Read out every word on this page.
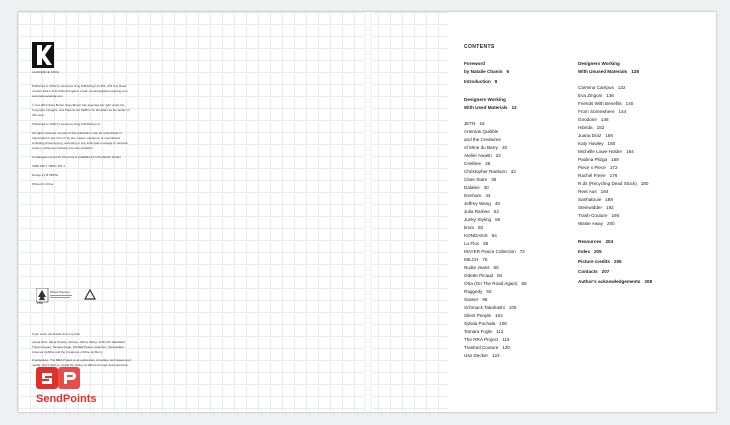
LAURENCE KING

Published in 2013 by Laurence King Publishing Ltd 361–373 City Road London EC1V 1LR United Kingdom email: enquiries@laurenceking.com www.laurenceking.com

© text 2013 Sass Brown Sass Brown has asserted her right under the Copyright, Designs, and Patents Act 1988 to be identified as the author of this work.

Published in 2013 by Laurence King Publishing Ltd

All rights reserved. No part of this publication may be reproduced or transmitted in any form or by any means, electronic or mechanical, including photocopying, recording or any information storage or retrieval system, without permission from the publisher.

A catalogue record for this book is available from the British Library

ISBN 978 1 78067 301 1

Design by B.SMITH

Printed in China

Mixed Sources
FSC

Front cover (clockwise from top left):

Juana Díaz, Silent People, Nöcola, Jeffrey Wang, Schmuck Takahashi, Trash-Couture, Tamara Fogle, MAYER Peace Collection, Steinwidder, Artemas Quibble and the Creatures of Mme du Barry

Frontispiece: The RRA Project is an exploration of textiles, techniques and media, which aims to reveal the history of fabrics through deconstruction.

SendPoints
CONTENTS
Foreword
by Natalie Chanin 6
Introduction 8
Designers Working
With Used Materials 12
JETN 16
Artemas Quibble
and the Creatures
of Mme du Barry 20
Atelier Awash 24
Ceelbee 28
Christopher Raeburn 32
Clare Stare 36
Dalaleo 40
Denham 44
Jeffrey Wang 48
Julia Rarbee 52
Junky Styling 56
km/a 60
KONDAKIS 64
Lu Flux 68
MAYER Peace Collection 72
MILCH 76
Nudie Jeans 80
Odette Picaud 84
Otra (On The Road Again) 88
Raggedy 92
Sasser 96
Schmuck Takahashi 100
Silent People 104
Sylwia Pochała 108
Tamara Fogle 112
The RRA Project 116
Trashed Couture 120
Uso Decker 124
Designers Working
With Unused Materials 128
Carmina Campus 132
Eva Zingoni 136
Friends With Benefits 140
From Somewhere 144
Goodone 148
Hibrida 152
Juana Díaz 156
Katy Howley 160
Michelle Lowe-Holder 164
Paulina Plizga 168
Piece x Piece 172
Rachel Freire 176
R.ds (Recycling Dead Stock) 180
Reet Aus 184
Sanhatouie 188
Steinwidder 192
Trash-Couture 196
Waste Away 200
Resources 204
Index 205
Picture credits 206
Contacts 207
Author's acknowledgements 208
